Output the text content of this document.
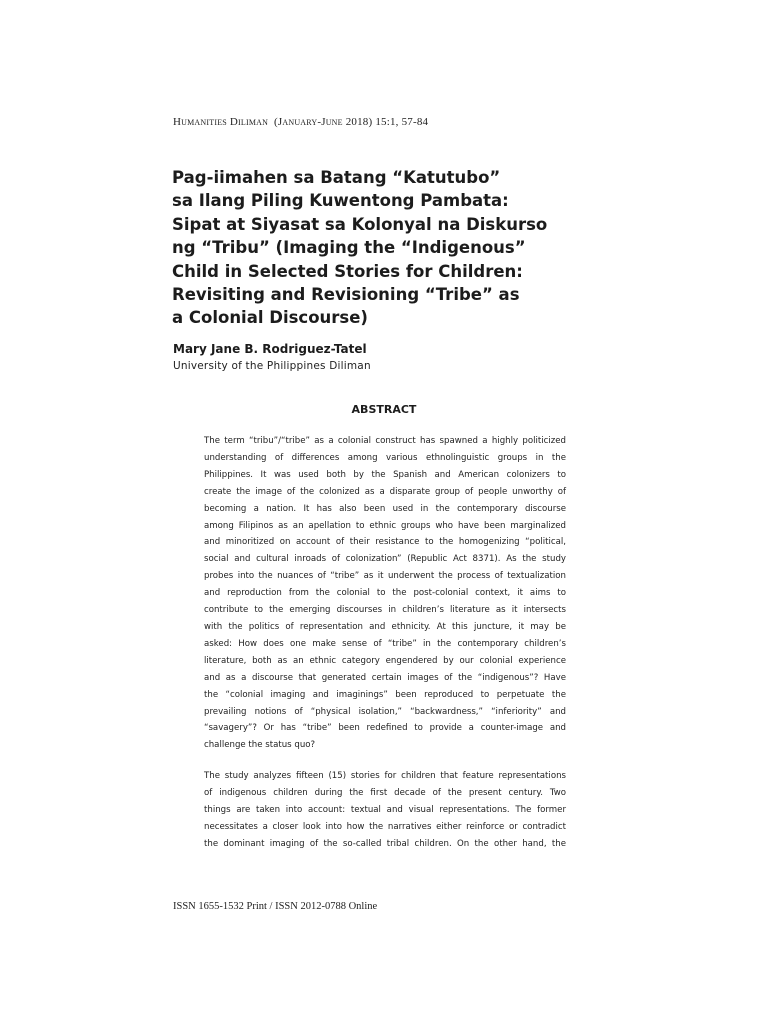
Humanities Diliman (January-June 2018) 15:1, 57-84
Pag-iimahen sa Batang “Katutubo”
sa Ilang Piling Kuwentong Pambata:
Sipat at Siyasat sa Kolonyal na Diskurso
ng “Tribu” (Imaging the “Indigenous”
Child in Selected Stories for Children:
Revisiting and Revisioning “Tribe” as
a Colonial Discourse)
Mary Jane B. Rodriguez-Tatel
University of the Philippines Diliman
ABSTRACT

The term “tribu”/“tribe” as a colonial construct has spawned a highly politicized
understanding of differences among various ethnolinguistic groups in the
Philippines. It was used both by the Spanish and American colonizers to
create the image of the colonized as a disparate group of people unworthy of
becoming a nation. It has also been used in the contemporary discourse
among Filipinos as an apellation to ethnic groups who have been marginalized
and minoritized on account of their resistance to the homogenizing “political,
social and cultural inroads of colonization” (Republic Act 8371). As the study
probes into the nuances of “tribe” as it underwent the process of textualization
and reproduction from the colonial to the post-colonial context, it aims to
contribute to the emerging discourses in children’s literature as it intersects
with the politics of representation and ethnicity. At this juncture, it may be
asked: How does one make sense of “tribe” in the contemporary children’s
literature, both as an ethnic category engendered by our colonial experience
and as a discourse that generated certain images of the “indigenous”? Have
the “colonial imaging and imaginings” been reproduced to perpetuate the
prevailing notions of “physical isolation,” “backwardness,” “inferiority” and
“savagery”? Or has “tribe” been redefined to provide a counter-image and
challenge the status quo?

The study analyzes fifteen (15) stories for children that feature representations
of indigenous children during the first decade of the present century. Two
things are taken into account: textual and visual representations. The former
necessitates a closer look into how the narratives either reinforce or contradict
the dominant imaging of the so-called tribal children. On the other hand, the

ISSN 1655-1532 Print / ISSN 2012-0788 Online
